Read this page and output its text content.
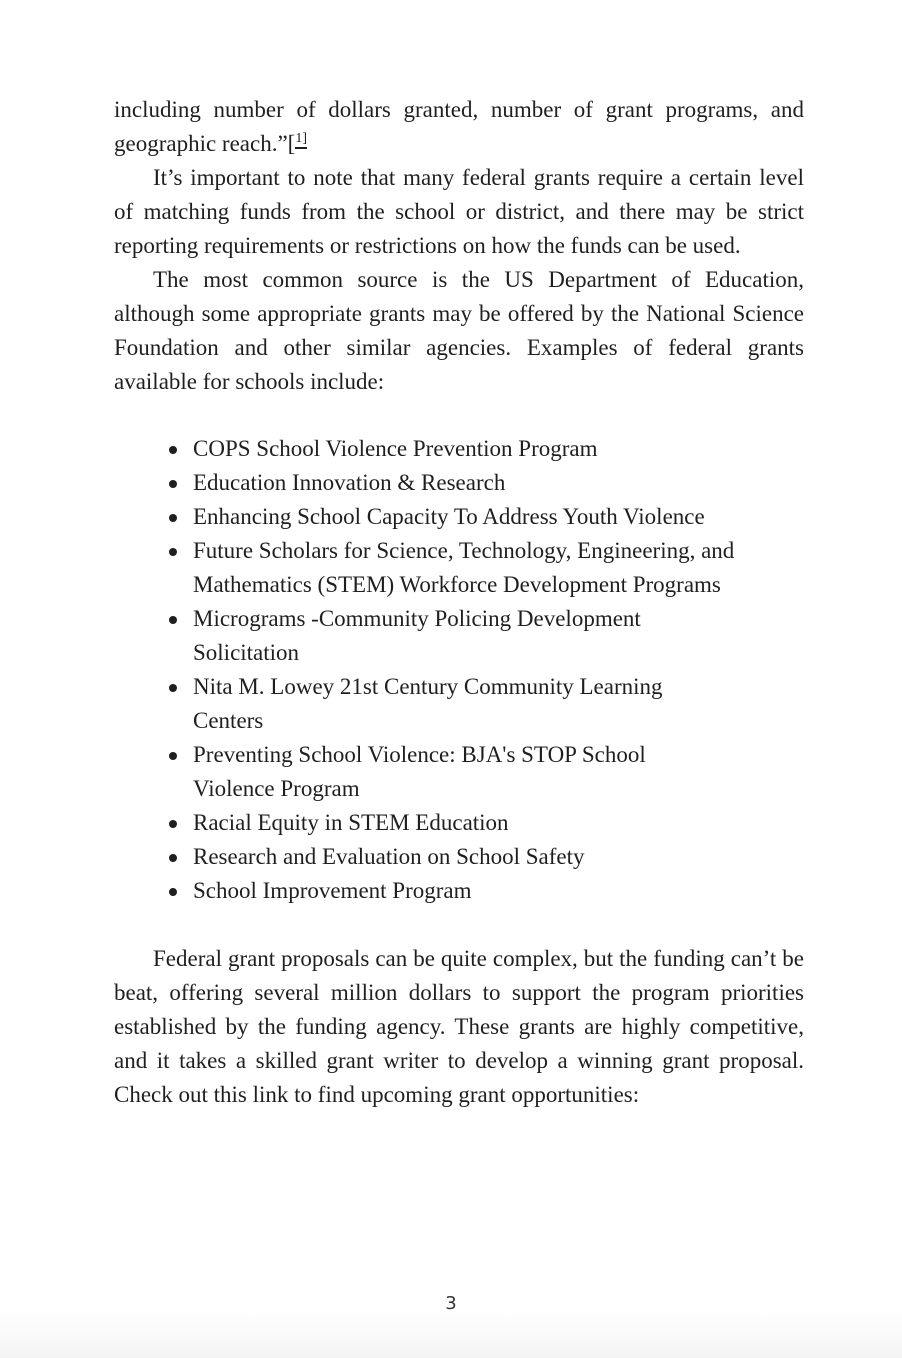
including number of dollars granted, number of grant programs, and geographic reach.”[$^{1]}$

It’s important to note that many federal grants require a certain level of matching funds from the school or district, and there may be strict reporting requirements or restrictions on how the funds can be used.

The most common source is the US Department of Education, although some appropriate grants may be offered by the National Science Foundation and other similar agencies. Examples of federal grants available for schools include:

COPS School Violence Prevention Program
Education Innovation & Research
Enhancing School Capacity To Address Youth Violence
Future Scholars for Science, Technology, Engineering, and Mathematics (STEM) Workforce Development Programs
Micrograms -Community Policing Development Solicitation
Nita M. Lowey 21st Century Community Learning Centers
Preventing School Violence: BJA's STOP School Violence Program
Racial Equity in STEM Education
Research and Evaluation on School Safety
School Improvement Program

Federal grant proposals can be quite complex, but the funding can’t be beat, offering several million dollars to support the program priorities established by the funding agency. These grants are highly competitive, and it takes a skilled grant writer to develop a winning grant proposal. Check out this link to find upcoming grant opportunities:

3
